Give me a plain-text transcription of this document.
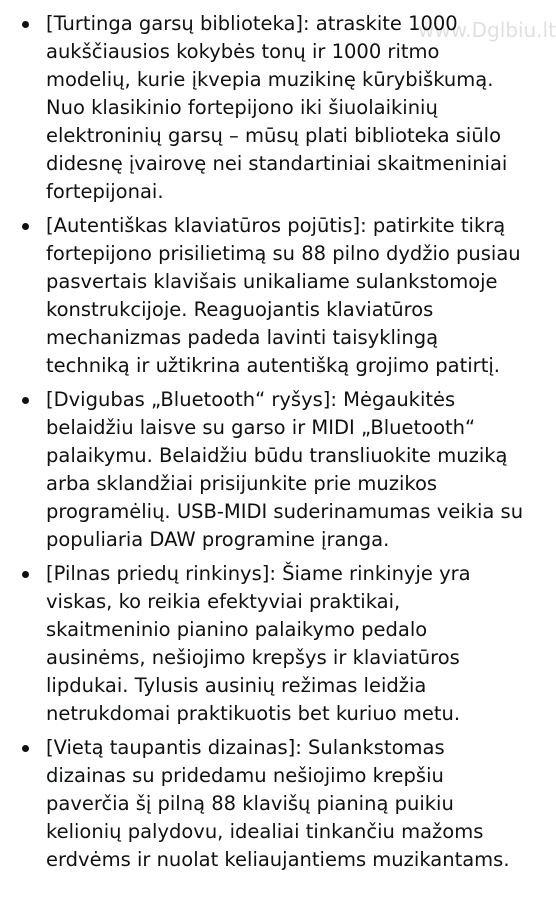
www.Dglbiu.lt
[Turtinga garsų biblioteka]: atraskite 1000 aukščiausios kokybės tonų ir 1000 ritmo modelių, kurie įkvepia muzikinę kūrybiškumą. Nuo klasikinio fortepijono iki šiuolaikinių elektroninių garsų – mūsų plati biblioteka siūlo didesnę įvairovę nei standartiniai skaitmeniniai fortepijonai.
[Autentiškas klaviatūros pojūtis]: patirkite tikrą fortepijono prisilietimą su 88 pilno dydžio pusiau pasvertais klavišais unikaliame sulankstomoje konstrukcijoje. Reaguojantis klaviatūros mechanizmas padeda lavinti taisyklingą techniką ir užtikrina autentišką grojimo patirtį.
[Dvigubas „Bluetooth“ ryšys]: Mėgaukitės belaidžiu laisve su garso ir MIDI „Bluetooth“ palaikymu. Belaidžiu būdu transliuokite muziką arba sklandžiai prisijunkite prie muzikos programėlių. USB-MIDI suderinamumas veikia su populiaria DAW programine įranga.
[Pilnas priedų rinkinys]: Šiame rinkinyje yra viskas, ko reikia efektyviai praktikai, skaitmeninio pianino palaikymo pedalo ausinėms, nešiojimo krepšys ir klaviatūros lipdukai. Tylusis ausinių režimas leidžia netrukdomai praktikuotis bet kuriuo metu.
[Vietą taupantis dizainas]: Sulankstomas dizainas su pridedamu nešiojimo krepšiu paverčia šį pilną 88 klavišų pianiną puikiu kelionių palydovu, idealiai tinkančiu mažoms erdvėms ir nuolat keliaujantiems muzikantams.
